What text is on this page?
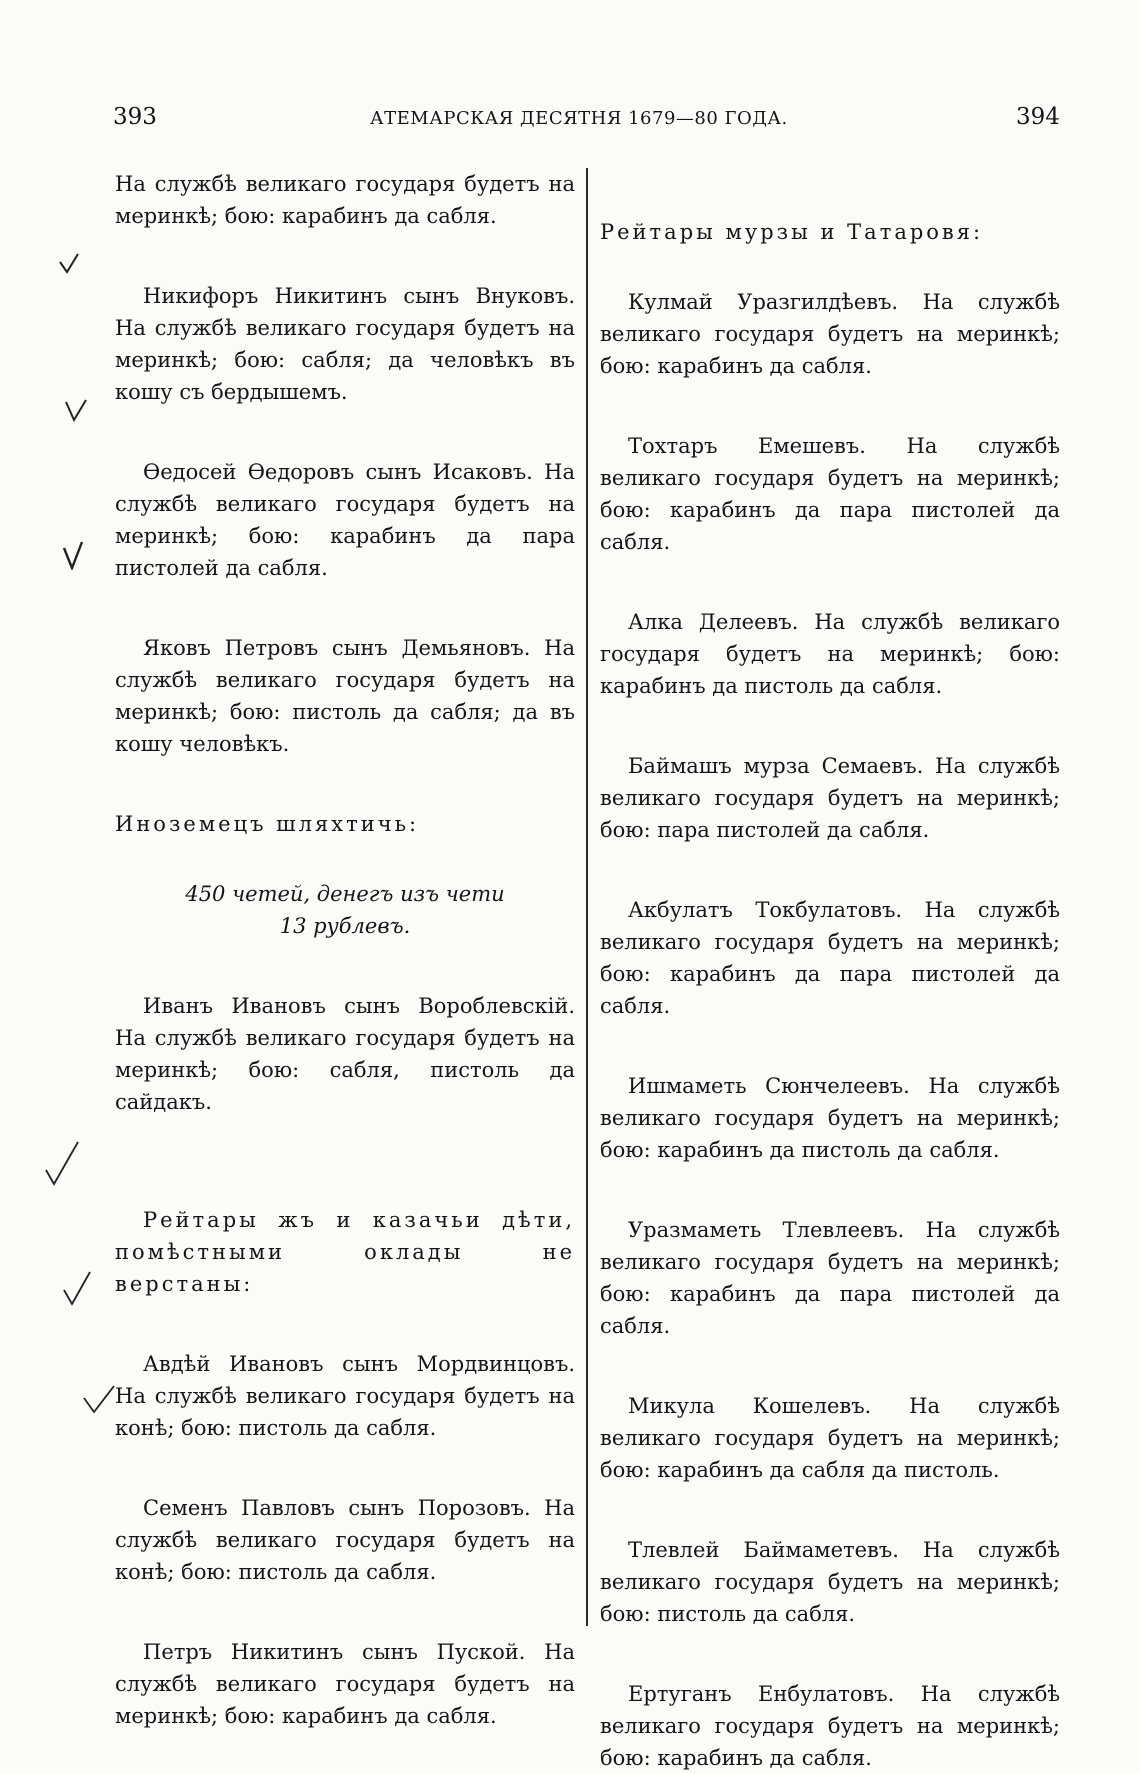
393	АТЕМАРСКАЯ ДЕСЯТНЯ 1679—80 ГОДА.	394

На службѣ великаго государя будетъ на меринкѣ; бою: карабинъ да сабля.

Никифоръ Никитинъ сынъ Внуковъ. На службѣ великаго государя будетъ на меринкѣ; бою: сабля; да человѣкъ въ кошу съ бердышемъ.

Ѳедосей Ѳедоровъ сынъ Исаковъ. На службѣ великаго государя будетъ на меринкѣ; бою: карабинъ да пара пистолей да сабля.

Яковъ Петровъ сынъ Демьяновъ. На службѣ великаго государя будетъ на меринкѣ; бою: пистоль да сабля; да въ кошу человѣкъ.

Иноземецъ шляхтичь:

450 четей, денегъ изъ чети

13 рублевъ.

Иванъ Ивановъ сынъ Вороблевскій. На службѣ великаго государя будетъ на меринкѣ; бою: сабля, пистоль да сайдакъ.

Рейтары жъ и казачьи дѣти, помѣстными оклады не верстаны:

Авдѣй Ивановъ сынъ Мордвинцовъ. На службѣ великаго государя будетъ на конѣ; бою: пистоль да сабля.

Семенъ Павловъ сынъ Порозовъ. На службѣ великаго государя будетъ на конѣ; бою: пистоль да сабля.

Петръ Никитинъ сынъ Пуской. На службѣ великаго государя будетъ на меринкѣ; бою: карабинъ да сабля.

Рейтары мурзы и Татаровя:

Кулмай Уразгилдѣевъ. На службѣ великаго государя будетъ на меринкѣ; бою: карабинъ да сабля.

Тохтаръ Емешевъ. На службѣ великаго государя будетъ на меринкѣ; бою: карабинъ да пара пистолей да сабля.

Алка Делеевъ. На службѣ великаго государя будетъ на меринкѣ; бою: карабинъ да пистоль да сабля.

Баймашъ мурза Семаевъ. На службѣ великаго государя будетъ на меринкѣ; бою: пара пистолей да сабля.

Акбулатъ Токбулатовъ. На службѣ великаго государя будетъ на меринкѣ; бою: карабинъ да пара пистолей да сабля.

Ишмаметь Сюнчелеевъ. На службѣ великаго государя будетъ на меринкѣ; бою: карабинъ да пистоль да сабля.

Уразмаметь Тлевлеевъ. На службѣ великаго государя будетъ на меринкѣ; бою: карабинъ да пара пистолей да сабля.

Микула Кошелевъ. На службѣ великаго государя будетъ на меринкѣ; бою: карабинъ да сабля да пистоль.

Тлевлей Баймаметевъ. На службѣ великаго государя будетъ на меринкѣ; бою: пистоль да сабля.

Ертуганъ Енбулатовъ. На службѣ великаго государя будетъ на меринкѣ; бою: карабинъ да сабля.
